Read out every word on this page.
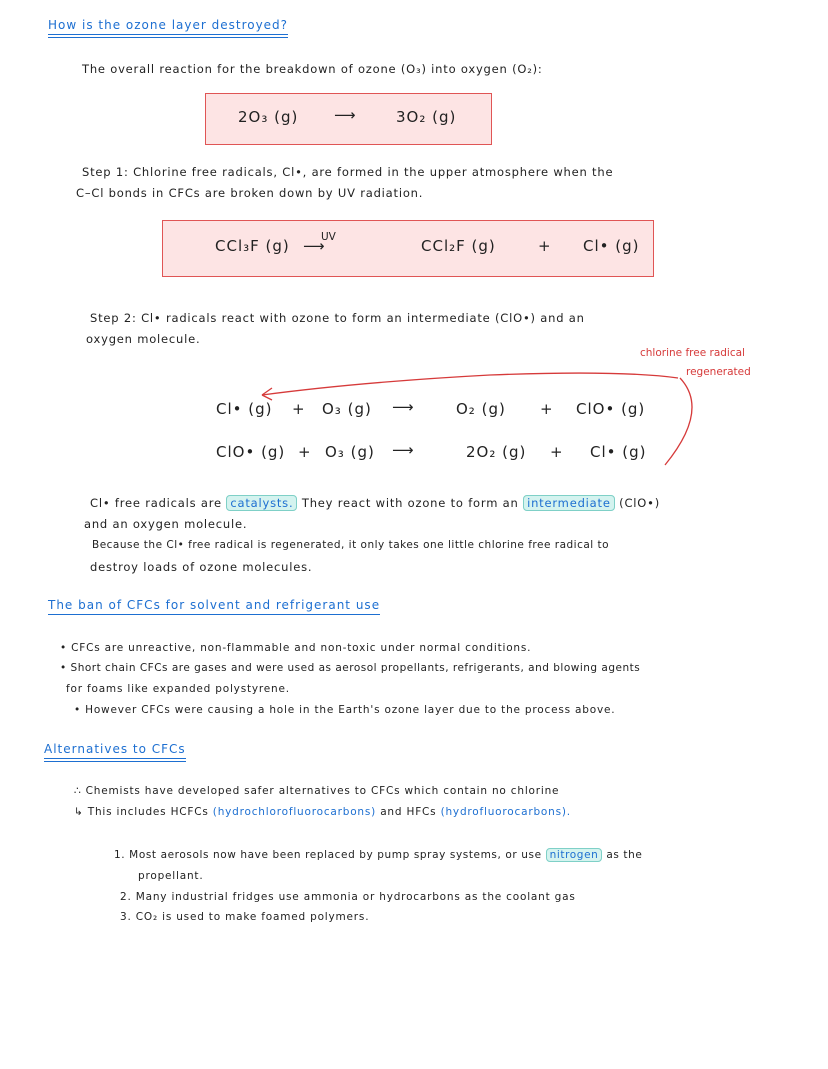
How is the ozone layer destroyed?
The overall reaction for the breakdown of ozone (O₃) into oxygen (O₂):
2O₃ (g) ⟶	3O₂ (g)
Step 1: Chlorine free radicals, Cl•, are formed in the upper atmosphere when the
C–Cl bonds in CFCs are broken down by UV radiation.
CCl₃F (g)	UV
⟶	CCl₂F (g)	+ Cl• (g)
Step 2: Cl• radicals react with ozone to form an intermediate (ClO•) and an
oxygen molecule.
chlorine free radical
regenerated
Cl• (g) + O₃ (g) ⟶	O₂ (g) + ClO• (g)
ClO• (g) + O₃ (g) ⟶	2O₂ (g) + Cl• (g)
Cl• free radicals are catalysts. They react with ozone to form an intermediate (ClO•)
and an oxygen molecule.
Because the Cl• free radical is regenerated, it only takes one little chlorine free radical to
destroy loads of ozone molecules.
The ban of CFCs for solvent and refrigerant use
• CFCs are unreactive, non-flammable and non-toxic under normal conditions.
• Short chain CFCs are gases and were used as aerosol propellants, refrigerants, and blowing agents
for foams like expanded polystyrene.
• However CFCs were causing a hole in the Earth's ozone layer due to the process above.
Alternatives to CFCs
∴ Chemists have developed safer alternatives to CFCs which contain no chlorine
↳ This includes HCFCs (hydrochlorofluorocarbons) and HFCs (hydrofluorocarbons).
1. Most aerosols now have been replaced by pump spray systems, or use nitrogen as the
propellant.
2. Many industrial fridges use ammonia or hydrocarbons as the coolant gas
3. CO₂ is used to make foamed polymers.
